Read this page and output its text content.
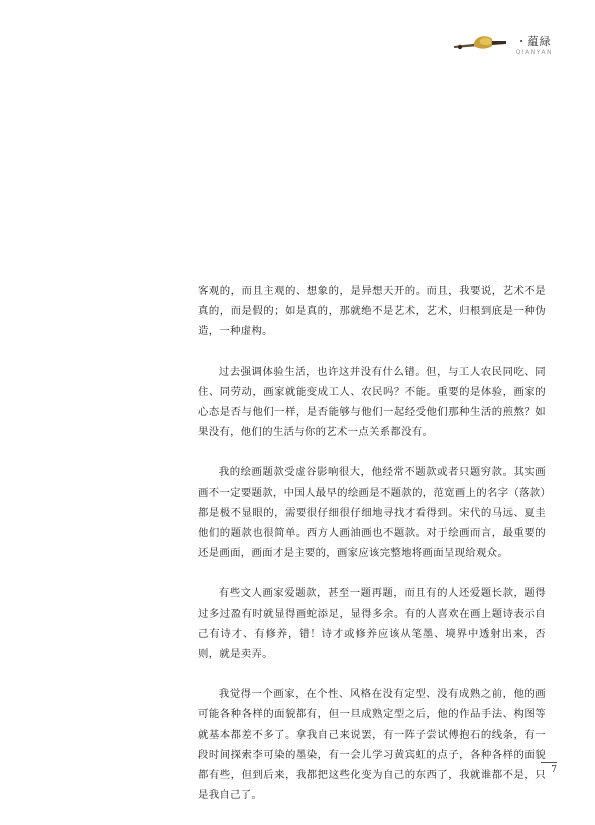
・藴緑
QIANYAN

客观的，而且主观的、想象的，是异想天开的。而且，我要说，艺术不是真的，而是假的；如是真的，那就绝不是艺术，艺术，归根到底是一种伪造，一种虚构。

过去强调体验生活，也许这并没有什么错。但，与工人农民同吃、同住、同劳动，画家就能变成工人、农民吗？不能。重要的是体验，画家的心态是否与他们一样，是否能够与他们一起经受他们那种生活的煎熬？如果没有，他们的生活与你的艺术一点关系都没有。

我的绘画题款受虚谷影响很大，他经常不题款或者只题穷款。其实画画不一定要题款，中国人最早的绘画是不题款的，范宽画上的名字（落款）都是极不显眼的，需要很仔细很仔细地寻找才看得到。宋代的马远、夏圭他们的题款也很简单。西方人画油画也不题款。对于绘画而言，最重要的还是画面，画面才是主要的，画家应该完整地将画面呈现给观众。

有些文人画家爱题款，甚至一题再题，而且有的人还爱题长款，题得过多过盈有时就显得画蛇添足，显得多余。有的人喜欢在画上题诗表示自己有诗才、有修养，错！诗才或修养应该从笔墨、境界中透射出来，否则，就是卖弄。

我觉得一个画家，在个性、风格在没有定型、没有成熟之前，他的画可能各种各样的面貌都有，但一旦成熟定型之后，他的作品手法、构图等就基本都差不多了。拿我自己来说罢，有一阵子尝试傅抱石的线条，有一段时间探索李可染的墨染，有一会儿学习黄宾虹的点子，各种各样的面貌都有些，但到后来，我都把这些化变为自己的东西了，我就谁都不是，只是我自己了。

7
